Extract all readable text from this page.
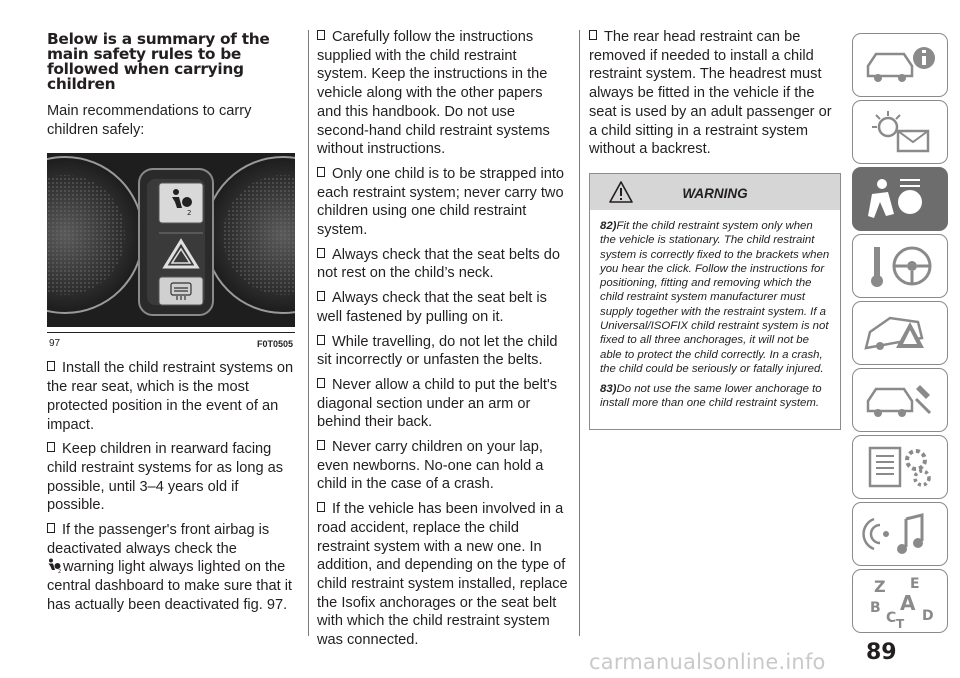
Below is a summary of the main safety rules to be followed when carrying children
Main recommendations to carry children safely:
2
97	F0T0505

Install the child restraint systems on the rear seat, which is the most protected position in the event of an impact.

Keep children in rearward facing child restraint systems for as long as possible, until 3–4 years old if possible.

If the passenger's front airbag is deactivated always check the

2 warning light always lighted on the central dashboard to make sure that it has actually been deactivated fig. 97.

Carefully follow the instructions supplied with the child restraint system. Keep the instructions in the vehicle along with the other papers and this handbook. Do not use second-hand child restraint systems without instructions.

Only one child is to be strapped into each restraint system; never carry two children using one child restraint system.

Always check that the seat belts do not rest on the child’s neck.

Always check that the seat belt is well fastened by pulling on it.

While travelling, do not let the child sit incorrectly or unfasten the belts.

Never allow a child to put the belt's diagonal section under an arm or behind their back.

Never carry children on your lap, even newborns. No-one can hold a child in the case of a crash.

If the vehicle has been involved in a road accident, replace the child restraint system with a new one. In addition, and depending on the type of child restraint system installed, replace the Isofix anchorages or the seat belt with which the child restraint system was connected.

The rear head restraint can be removed if needed to install a child restraint system. The headrest must always be fitted in the vehicle if the seat is used by an adult passenger or a child sitting in a restraint system without a backrest.

WARNING

82)Fit the child restraint system only when the vehicle is stationary. The child restraint system is correctly fixed to the brackets when you hear the click. Follow the instructions for positioning, fitting and removing which the child restraint system manufacturer must supply together with the restraint system. If a Universal/ISOFIX child restraint system is not fixed to all three anchorages, it will not be able to protect the child correctly. In a crash, the child could be seriously or fatally injured.

83)Do not use the same lower anchorage to install more than one child restraint system.

Z E
A
B
C D
T
89
carmanualsonline.info
